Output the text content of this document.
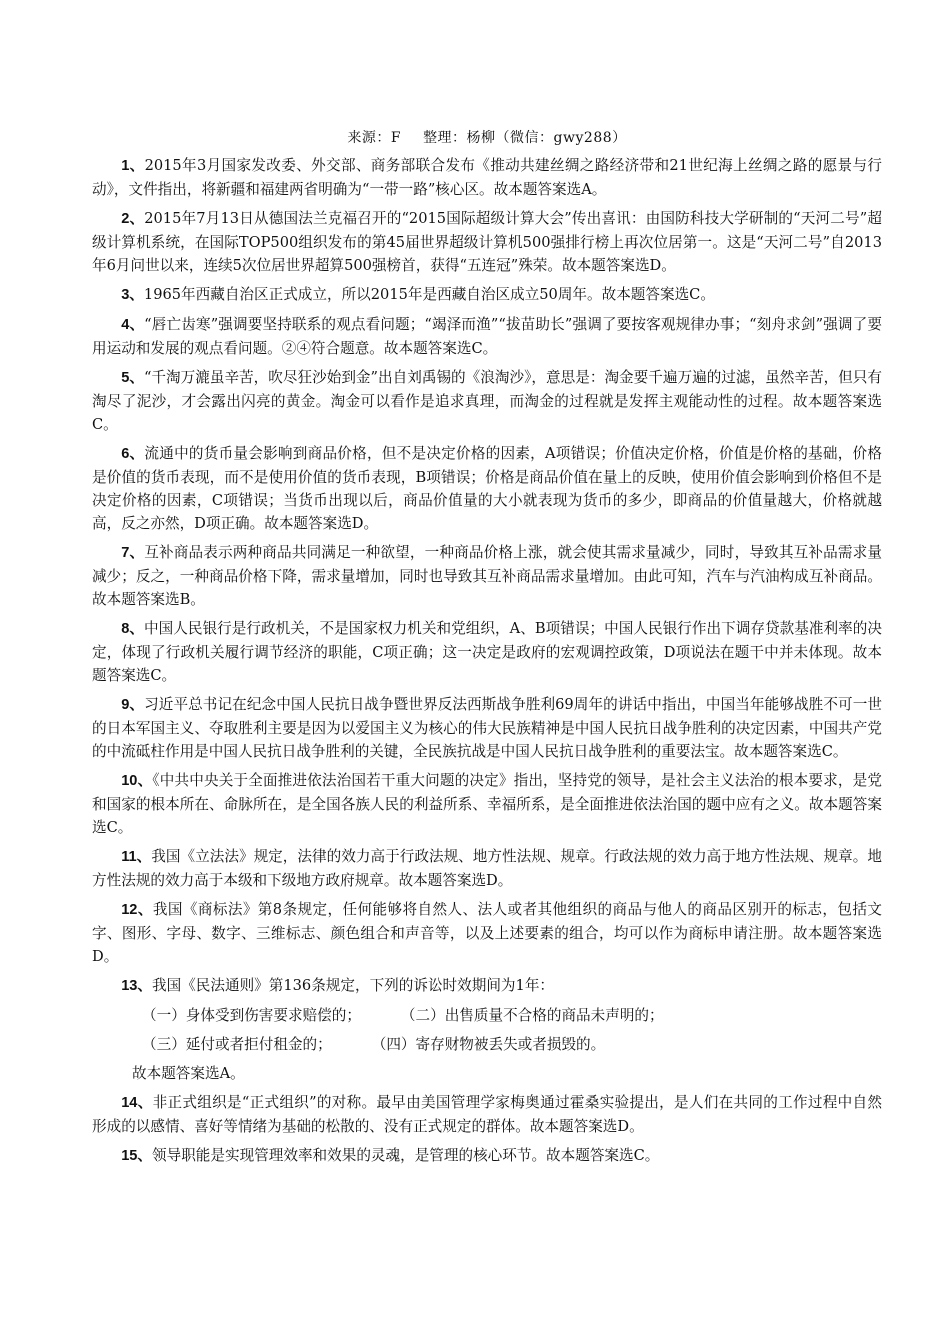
来源：F 整理：杨柳（微信：gwy288）

1、2015年3月国家发改委、外交部、商务部联合发布《推动共建丝绸之路经济带和21世纪海上丝绸之路的愿景与行动》，文件指出，将新疆和福建两省明确为“一带一路”核心区。故本题答案选A。

2、2015年7月13日从德国法兰克福召开的“2015国际超级计算大会”传出喜讯：由国防科技大学研制的“天河二号”超级计算机系统，在国际TOP500组织发布的第45届世界超级计算机500强排行榜上再次位居第一。这是“天河二号”自2013年6月问世以来，连续5次位居世界超算500强榜首，获得“五连冠”殊荣。故本题答案选D。

3、1965年西藏自治区正式成立，所以2015年是西藏自治区成立50周年。故本题答案选C。

4、“唇亡齿寒”强调要坚持联系的观点看问题；“竭泽而渔”“拔苗助长”强调了要按客观规律办事；“刻舟求剑”强调了要用运动和发展的观点看问题。②④符合题意。故本题答案选C。

5、“千淘万漉虽辛苦，吹尽狂沙始到金”出自刘禹锡的《浪淘沙》，意思是：淘金要千遍万遍的过滤，虽然辛苦，但只有淘尽了泥沙，才会露出闪亮的黄金。淘金可以看作是追求真理，而淘金的过程就是发挥主观能动性的过程。故本题答案选C。

6、流通中的货币量会影响到商品价格，但不是决定价格的因素，A项错误；价值决定价格，价值是价格的基础，价格是价值的货币表现，而不是使用价值的货币表现，B项错误；价格是商品价值在量上的反映，使用价值会影响到价格但不是决定价格的因素，C项错误；当货币出现以后，商品价值量的大小就表现为货币的多少，即商品的价值量越大，价格就越高，反之亦然，D项正确。故本题答案选D。

7、互补商品表示两种商品共同满足一种欲望，一种商品价格上涨，就会使其需求量减少，同时，导致其互补品需求量减少；反之，一种商品价格下降，需求量增加，同时也导致其互补商品需求量增加。由此可知，汽车与汽油构成互补商品。故本题答案选B。

8、中国人民银行是行政机关，不是国家权力机关和党组织，A、B项错误；中国人民银行作出下调存贷款基准利率的决定，体现了行政机关履行调节经济的职能，C项正确；这一决定是政府的宏观调控政策，D项说法在题干中并未体现。故本题答案选C。

9、习近平总书记在纪念中国人民抗日战争暨世界反法西斯战争胜利69周年的讲话中指出，中国当年能够战胜不可一世的日本军国主义、夺取胜利主要是因为以爱国主义为核心的伟大民族精神是中国人民抗日战争胜利的决定因素，中国共产党的中流砥柱作用是中国人民抗日战争胜利的关键，全民族抗战是中国人民抗日战争胜利的重要法宝。故本题答案选C。

10、《中共中央关于全面推进依法治国若干重大问题的决定》指出，坚持党的领导，是社会主义法治的根本要求，是党和国家的根本所在、命脉所在，是全国各族人民的利益所系、幸福所系，是全面推进依法治国的题中应有之义。故本题答案选C。

11、我国《立法法》规定，法律的效力高于行政法规、地方性法规、规章。行政法规的效力高于地方性法规、规章。地方性法规的效力高于本级和下级地方政府规章。故本题答案选D。

12、我国《商标法》第8条规定，任何能够将自然人、法人或者其他组织的商品与他人的商品区别开的标志，包括文字、图形、字母、数字、三维标志、颜色组合和声音等，以及上述要素的组合，均可以作为商标申请注册。故本题答案选D。

13、我国《民法通则》第136条规定，下列的诉讼时效期间为1年：

（一）身体受到伤害要求赔偿的；	（二）出售质量不合格的商品未声明的；
（三）延付或者拒付租金的；	（四）寄存财物被丢失或者损毁的。
故本题答案选A。

14、非正式组织是“正式组织”的对称。最早由美国管理学家梅奥通过霍桑实验提出，是人们在共同的工作过程中自然形成的以感情、喜好等情绪为基础的松散的、没有正式规定的群体。故本题答案选D。

15、领导职能是实现管理效率和效果的灵魂，是管理的核心环节。故本题答案选C。
